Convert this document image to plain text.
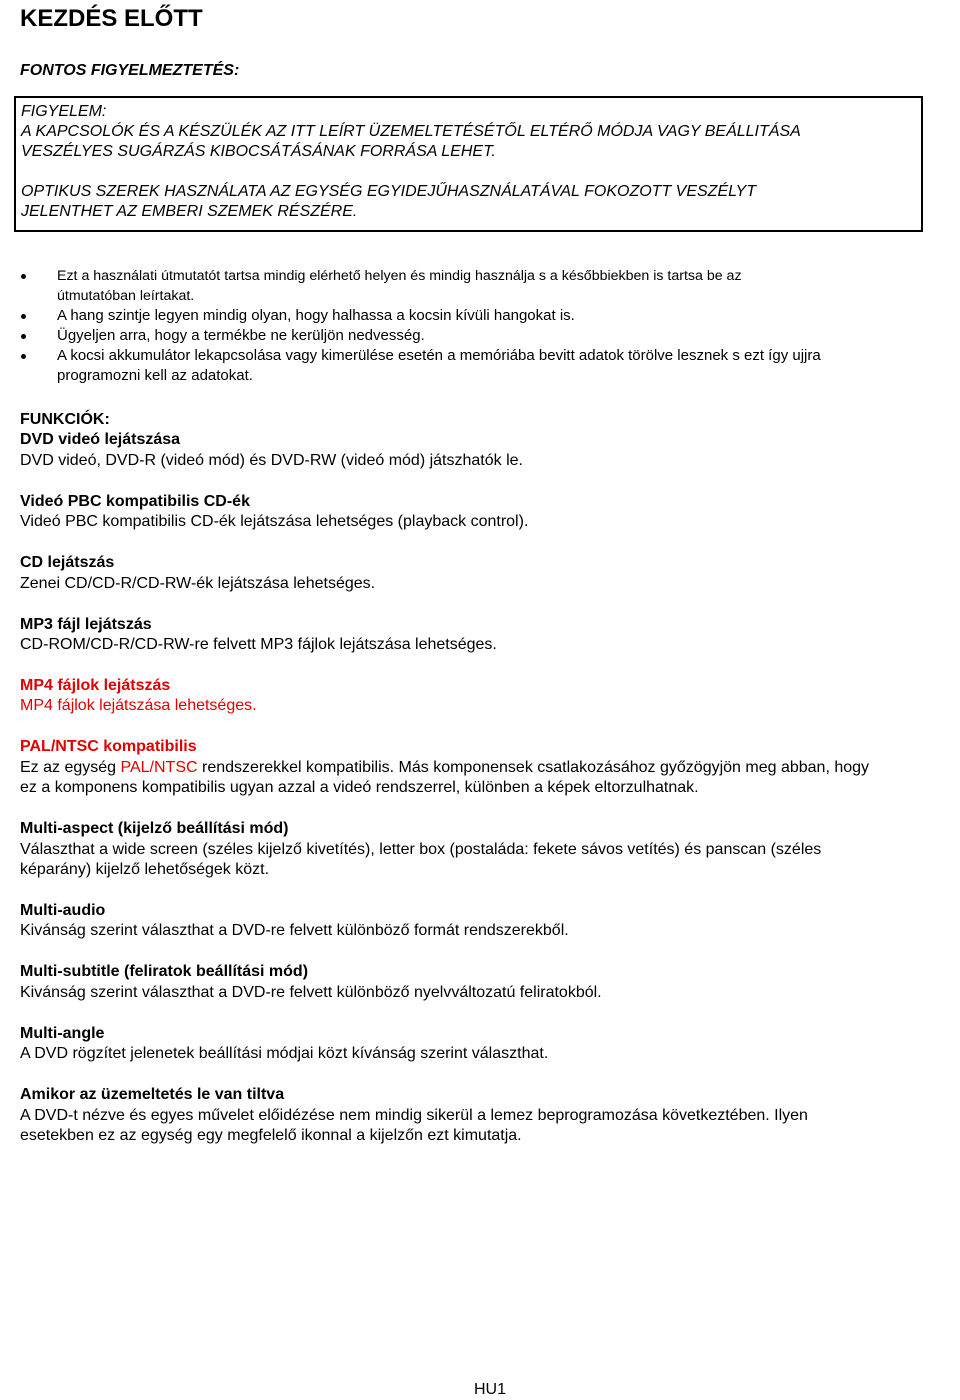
KEZDÉS ELŐTT

FONTOS FIGYELMEZTETÉS:

FIGYELEM:

A KAPCSOLÓK ÉS A KÉSZÜLÉK AZ ITT LEÍRT ÜZEMELTETÉSÉTŐL ELTÉRŐ MÓDJA VAGY BEÁLLITÁSA

VESZÉLYES SUGÁRZÁS KIBOCSÁTÁSÁNAK FORRÁSA LEHET.

OPTIKUS SZEREK HASZNÁLATA AZ EGYSÉG EGYIDEJŰHASZNÁLATÁVAL FOKOZOTT VESZÉLYT

JELENTHET AZ EMBERI SZEMEK RÉSZÉRE.

Ezt a használati útmutatót tartsa mindig elérhető helyen és mindig használja s a későbbiekben is tartsa be az
útmutatóban leírtakat.
A hang szintje legyen mindig olyan, hogy halhassa a kocsin kívüli hangokat is.
Ügyeljen arra, hogy a termékbe ne kerüljön nedvesség.
A kocsi akkumulátor lekapcsolása vagy kimerülése esetén a memóriába bevitt adatok törölve lesznek s ezt így ujjra
programozni kell az adatokat.

FUNKCIÓK:

DVD videó lejátszása

DVD videó, DVD-R (videó mód) és DVD-RW (videó mód) játszhatók le.

Videó PBC kompatibilis CD-ék

Videó PBC kompatibilis CD-ék lejátszása lehetséges (playback control).

CD lejátszás

Zenei CD/CD-R/CD-RW-ék lejátszása lehetséges.

MP3 fájl lejátszás

CD-ROM/CD-R/CD-RW-re felvett MP3 fájlok lejátszása lehetséges.

MP4 fájlok lejátszás

MP4 fájlok lejátszása lehetséges.

PAL/NTSC kompatibilis

Ez az egység PAL/NTSC rendszerekkel kompatibilis. Más komponensek csatlakozásához győzögyjön meg abban, hogy

ez a komponens kompatibilis ugyan azzal a videó rendszerrel, különben a képek eltorzulhatnak.

Multi-aspect (kijelző beállítási mód)

Választhat a wide screen (széles kijelző kivetítés), letter box (postaláda: fekete sávos vetítés) és panscan (széles

képarány) kijelző lehetőségek közt.

Multi-audio

Kivánság szerint választhat a DVD-re felvett különböző formát rendszerekből.

Multi-subtitle (feliratok beállítási mód)

Kivánság szerint választhat a DVD-re felvett különböző nyelvváltozatú feliratokból.

Multi-angle

A DVD rögzítet jelenetek beállítási módjai közt kívánság szerint választhat.

Amikor az üzemeltetés le van tiltva

A DVD-t nézve és egyes művelet előidézése nem mindig sikerül a lemez beprogramozása következtében. Ilyen

esetekben ez az egység egy megfelelő ikonnal a kijelzőn ezt kimutatja.

HU1
